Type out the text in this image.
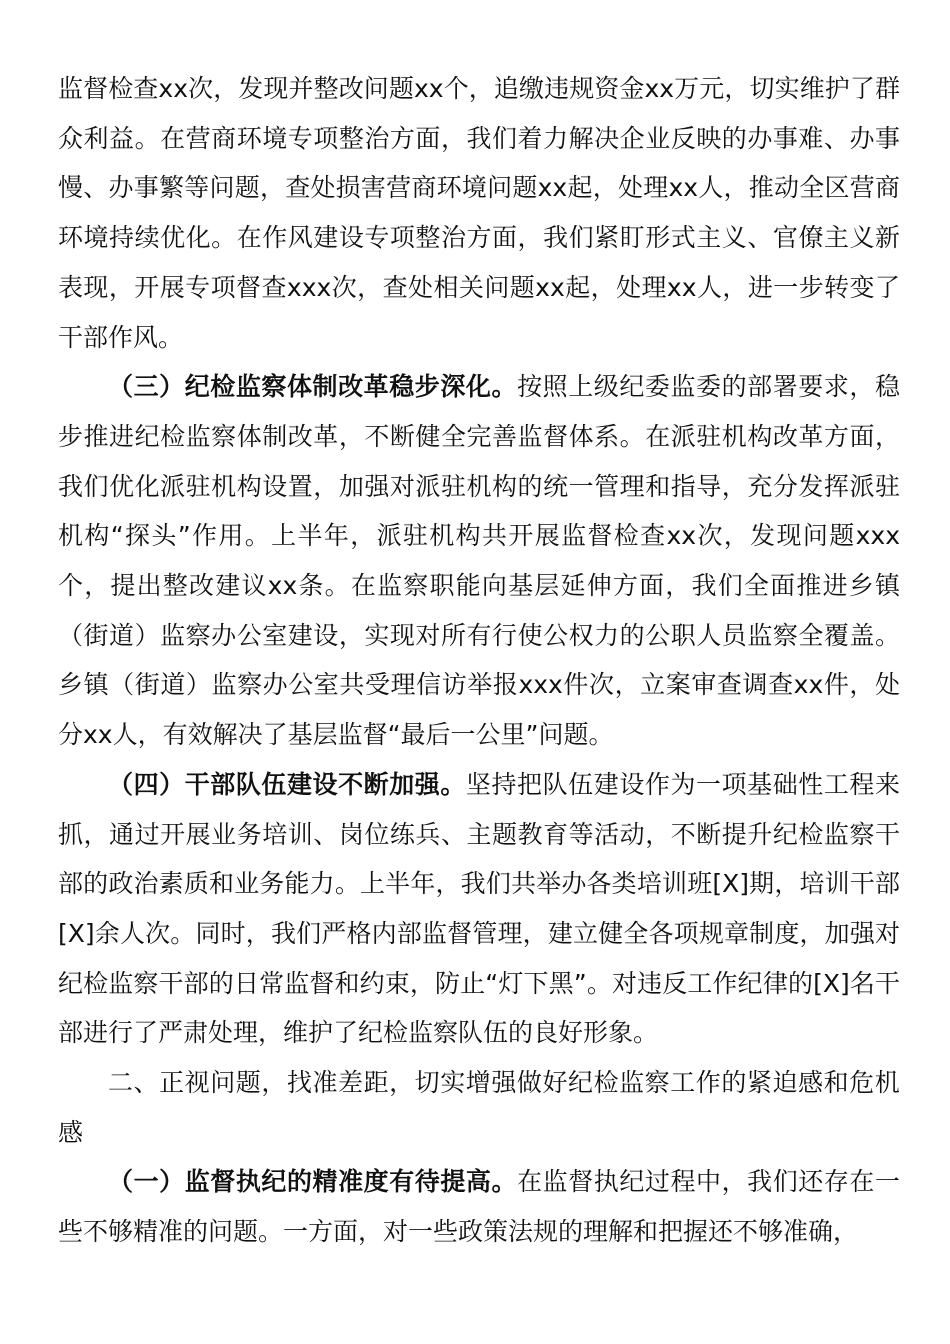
监督检查xx次，发现并整改问题xx个，追缴违规资金xx万元，切实维护了群众利益。在营商环境专项整治方面，我们着力解决企业反映的办事难、办事慢、办事繁等问题，查处损害营商环境问题xx起，处理xx人，推动全区营商环境持续优化。在作风建设专项整治方面，我们紧盯形式主义、官僚主义新表现，开展专项督查xxx次，查处相关问题xx起，处理xx人，进一步转变了干部作风。

（三）纪检监察体制改革稳步深化。按照上级纪委监委的部署要求，稳步推进纪检监察体制改革，不断健全完善监督体系。在派驻机构改革方面，我们优化派驻机构设置，加强对派驻机构的统一管理和指导，充分发挥派驻机构“探头”作用。上半年，派驻机构共开展监督检查xx次，发现问题xxx个，提出整改建议xx条。在监察职能向基层延伸方面，我们全面推进乡镇（街道）监察办公室建设，实现对所有行使公权力的公职人员监察全覆盖。乡镇（街道）监察办公室共受理信访举报xxx件次，立案审查调查xx件，处分xx人，有效解决了基层监督“最后一公里”问题。

（四）干部队伍建设不断加强。坚持把队伍建设作为一项基础性工程来抓，通过开展业务培训、岗位练兵、主题教育等活动，不断提升纪检监察干部的政治素质和业务能力。上半年，我们共举办各类培训班[X]期，培训干部[X]余人次。同时，我们严格内部监督管理，建立健全各项规章制度，加强对纪检监察干部的日常监督和约束，防止“灯下黑”。对违反工作纪律的[X]名干部进行了严肃处理，维护了纪检监察队伍的良好形象。

二、正视问题，找准差距，切实增强做好纪检监察工作的紧迫感和危机感

（一）监督执纪的精准度有待提高。在监督执纪过程中，我们还存在一些不够精准的问题。一方面，对一些政策法规的理解和把握还不够准确，
